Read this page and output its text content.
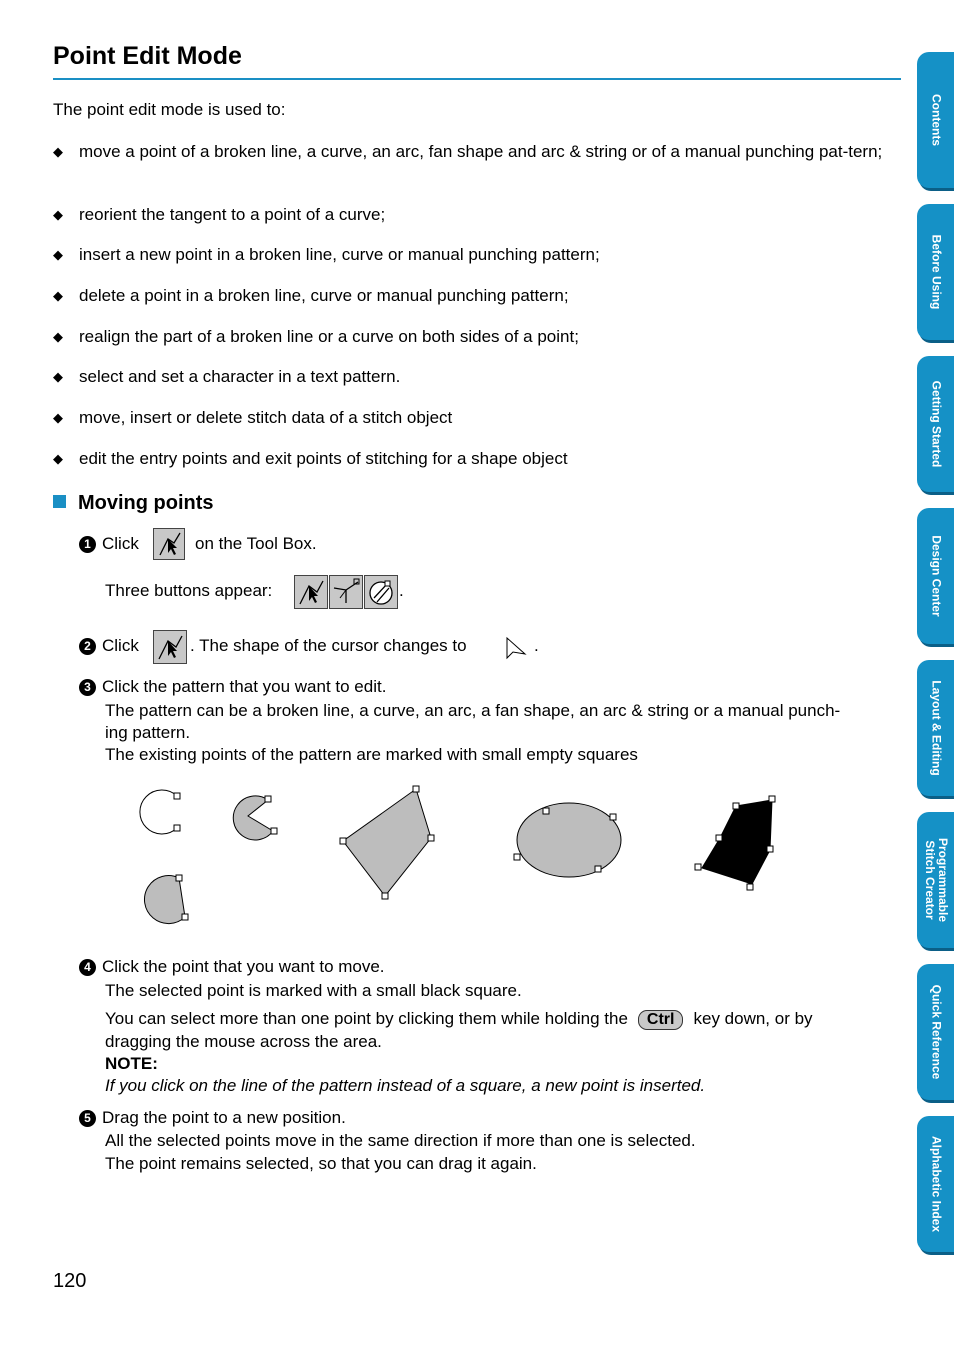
Point Edit Mode
The point edit mode is used to:
◆ move a point of a broken line, a curve, an arc, fan shape and arc & string or of a manual punching pat-tern;
◆ reorient the tangent to a point of a curve;
◆ insert a new point in a broken line, curve or manual punching pattern;
◆ delete a point in a broken line, curve or manual punching pattern;
◆ realign the part of a broken line or a curve on both sides of a point;
◆ select and set a character in a text pattern.
◆ move, insert or delete stitch data of a stitch object
◆ edit the entry points and exit points of stitching for a shape object
Moving points
1 Click	on the Tool Box.
Three buttons appear:	.
2 Click	. The shape of the cursor changes to	.
3 Click the pattern that you want to edit.
The pattern can be a broken line, a curve, an arc, a fan shape, an arc & string or a manual punch-
ing pattern.
The existing points of the pattern are marked with small empty squares
4 Click the point that you want to move.
The selected point is marked with a small black square.
You can select more than one point by clicking them while holding the Ctrl key down, or by
dragging the mouse across the area.
NOTE:
If you click on the line of the pattern instead of a square, a new point is inserted.
5 Drag the point to a new position.
All the selected points move in the same direction if more than one is selected.
The point remains selected, so that you can drag it again.
120
Contents
Before Using
Getting Started
Design Center
Layout & Editing
Programmable Stitch Creator
Quick Reference
Alphabetic Index
